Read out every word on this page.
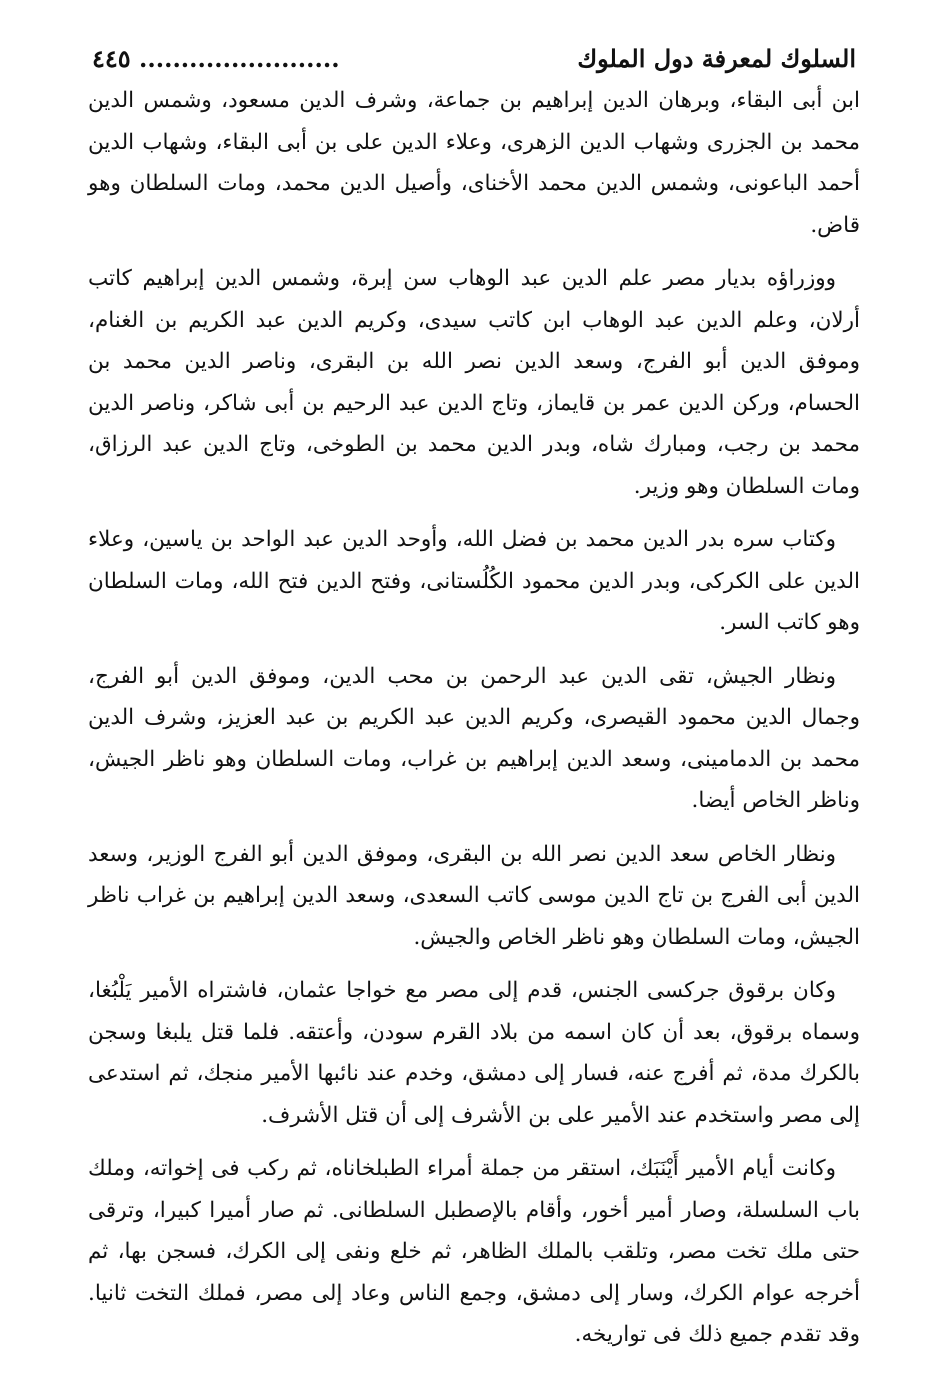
السلوك لمعرفة دول الملوك
........................ ٤٤٥

ابن أبى البقاء، وبرهان الدين إبراهيم بن جماعة، وشرف الدين مسعود، وشمس الدين محمد بن الجزرى وشهاب الدين الزهرى، وعلاء الدين على بن أبى البقاء، وشهاب الدين أحمد الباعونى، وشمس الدين محمد الأخناى، وأصيل الدين محمد، ومات السلطان وهو قاض.

ووزراؤه بديار مصر علم الدين عبد الوهاب سن إبرة، وشمس الدين إبراهيم كاتب أرلان، وعلم الدين عبد الوهاب ابن كاتب سيدى، وكريم الدين عبد الكريم بن الغنام، وموفق الدين أبو الفرج، وسعد الدين نصر الله بن البقرى، وناصر الدين محمد بن الحسام، وركن الدين عمر بن قايماز، وتاج الدين عبد الرحيم بن أبى شاكر، وناصر الدين محمد بن رجب، ومبارك شاه، وبدر الدين محمد بن الطوخى، وتاج الدين عبد الرزاق، ومات السلطان وهو وزير.

وكتاب سره بدر الدين محمد بن فضل الله، وأوحد الدين عبد الواحد بن ياسين، وعلاء الدين على الكركى، وبدر الدين محمود الكُلُستانى، وفتح الدين فتح الله، ومات السلطان وهو كاتب السر.

ونظار الجيش، تقى الدين عبد الرحمن بن محب الدين، وموفق الدين أبو الفرج، وجمال الدين محمود القيصرى، وكريم الدين عبد الكريم بن عبد العزيز، وشرف الدين محمد بن الدمامينى، وسعد الدين إبراهيم بن غراب، ومات السلطان وهو ناظر الجيش، وناظر الخاص أيضا.

ونظار الخاص سعد الدين نصر الله بن البقرى، وموفق الدين أبو الفرج الوزير، وسعد الدين أبى الفرج بن تاج الدين موسى كاتب السعدى، وسعد الدين إبراهيم بن غراب ناظر الجيش، ومات السلطان وهو ناظر الخاص والجيش.

وكان برقوق جركسى الجنس، قدم إلى مصر مع خواجا عثمان، فاشتراه الأمير يَلْبُغا، وسماه برقوق، بعد أن كان اسمه من بلاد القرم سودن، وأعتقه. فلما قتل يلبغا وسجن بالكرك مدة، ثم أفرج عنه، فسار إلى دمشق، وخدم عند نائبها الأمير منجك، ثم استدعى إلى مصر واستخدم عند الأمير على بن الأشرف إلى أن قتل الأشرف.

وكانت أيام الأمير أَيْنَبَك، استقر من جملة أمراء الطبلخاناه، ثم ركب فى إخواته، وملك باب السلسلة، وصار أمير أخور، وأقام بالإصطبل السلطانى. ثم صار أميرا كبيرا، وترقى حتى ملك تخت مصر، وتلقب بالملك الظاهر، ثم خلع ونفى إلى الكرك، فسجن بها، ثم أخرجه عوام الكرك، وسار إلى دمشق، وجمع الناس وعاد إلى مصر، فملك التخت ثانيا. وقد تقدم جميع ذلك فى تواريخه.
